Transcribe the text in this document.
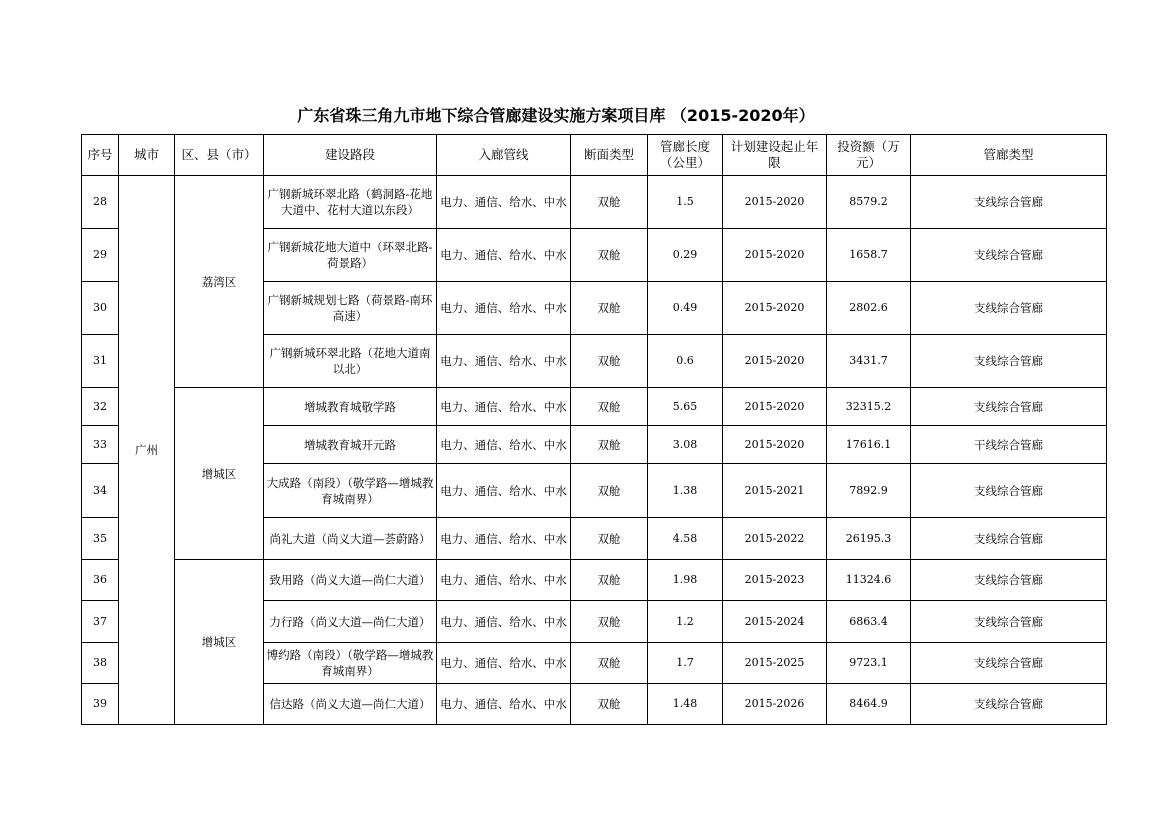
广东省珠三角九市地下综合管廊建设实施方案项目库 （2015-2020年）
序号	城市	区、县（市）	建设路段	入廊管线	断面类型	管廊长度（公里）	计划建设起止年限	投资额（万元）	管廊类型
28	广州	荔湾区	广钢新城环翠北路（鹤洞路-花地大道中、花村大道以东段）	电力、通信、给水、中水	双舱	1.5	2015-2020	8579.2	支线综合管廊
29			广钢新城花地大道中（环翠北路-荷景路）	电力、通信、给水、中水	双舱	0.29	2015-2020	1658.7	支线综合管廊
30			广钢新城规划七路（荷景路-南环高速）	电力、通信、给水、中水	双舱	0.49	2015-2020	2802.6	支线综合管廊
31			广钢新城环翠北路（花地大道南以北）	电力、通信、给水、中水	双舱	0.6	2015-2020	3431.7	支线综合管廊
32		增城区	增城教育城敬学路	电力、通信、给水、中水	双舱	5.65	2015-2020	32315.2	支线综合管廊
33			增城教育城开元路	电力、通信、给水、中水	双舱	3.08	2015-2020	17616.1	干线综合管廊
34			大成路（南段）（敬学路—增城教育城南界）	电力、通信、给水、中水	双舱	1.38	2015-2021	7892.9	支线综合管廊
35			尚礼大道（尚义大道—荟蔚路）	电力、通信、给水、中水	双舱	4.58	2015-2022	26195.3	支线综合管廊
36		增城区	致用路（尚义大道—尚仁大道）	电力、通信、给水、中水	双舱	1.98	2015-2023	11324.6	支线综合管廊
37			力行路（尚义大道—尚仁大道）	电力、通信、给水、中水	双舱	1.2	2015-2024	6863.4	支线综合管廊
38			博约路（南段）（敬学路—增城教育城南界）	电力、通信、给水、中水	双舱	1.7	2015-2025	9723.1	支线综合管廊
39			信达路（尚义大道—尚仁大道）	电力、通信、给水、中水	双舱	1.48	2015-2026	8464.9	支线综合管廊
